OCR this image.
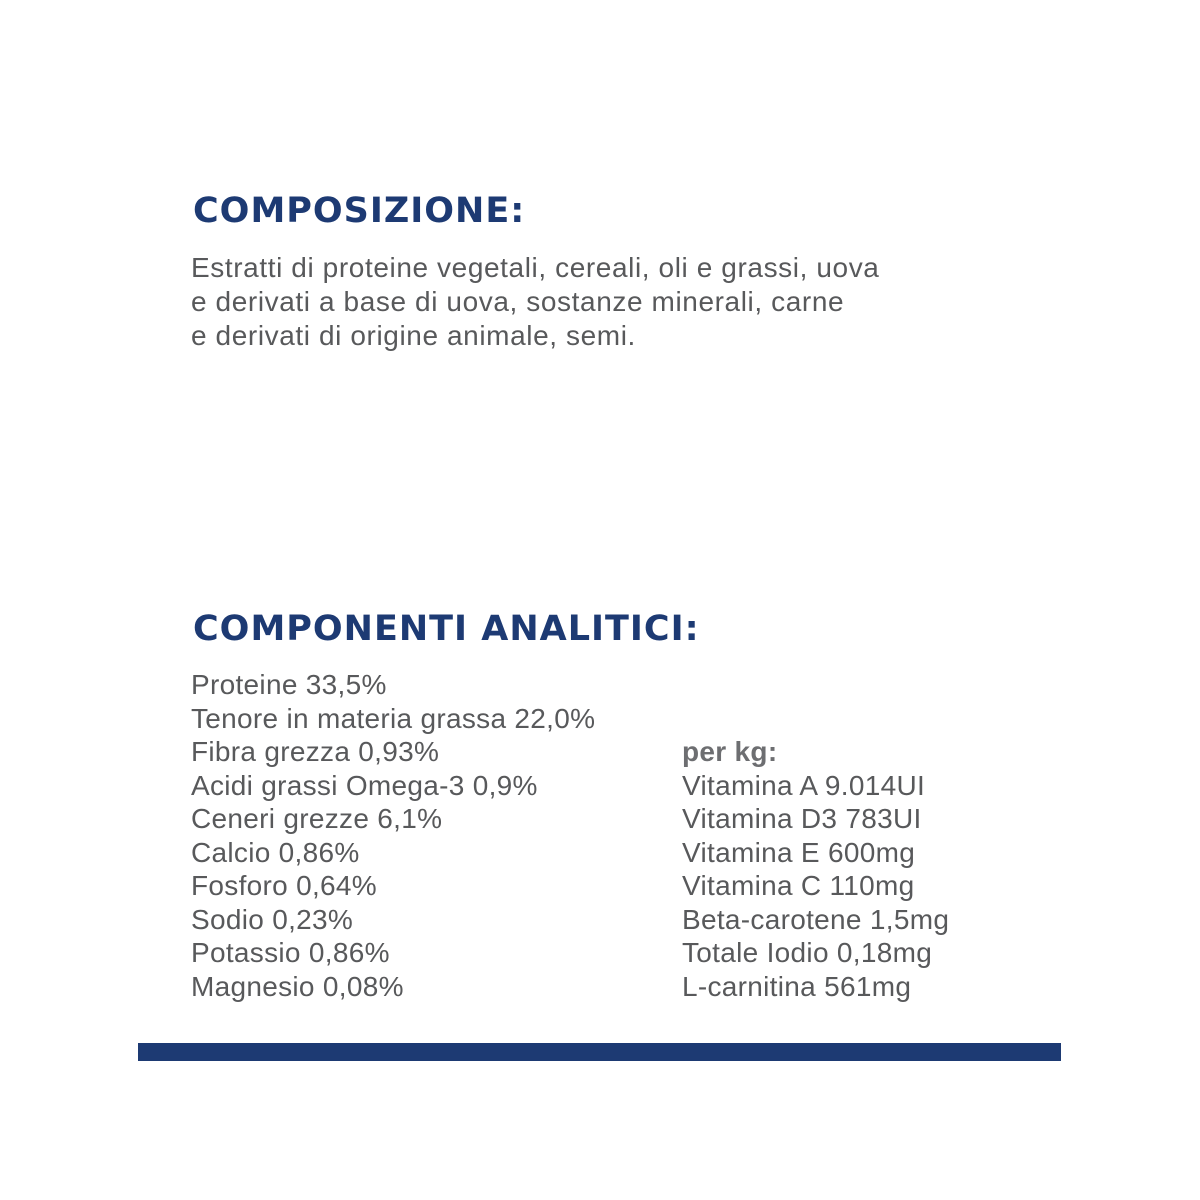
COMPOSIZIONE:

Estratti di proteine vegetali, cereali, oli e grassi, uova
e derivati a base di uova, sostanze minerali, carne
e derivati di origine animale, semi.

COMPONENTI ANALITICI:
Proteine 33,5%
Tenore in materia grassa 22,0%
Fibra grezza 0,93%
Acidi grassi Omega-3 0,9%
Ceneri grezze 6,1%
Calcio 0,86%
Fosforo 0,64%
Sodio 0,23%
Potassio 0,86%
Magnesio 0,08%
per kg:
Vitamina A 9.014UI
Vitamina D3 783UI
Vitamina E 600mg
Vitamina C 110mg
Beta-carotene 1,5mg
Totale Iodio 0,18mg
L-carnitina 561mg
